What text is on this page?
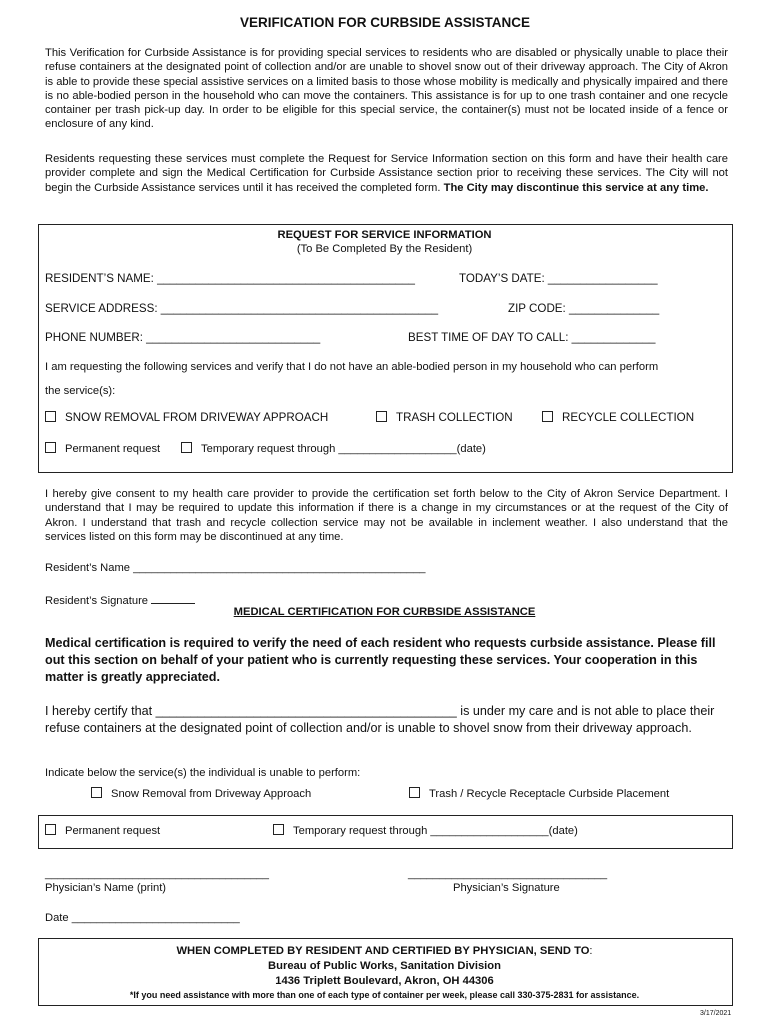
VERIFICATION FOR CURBSIDE ASSISTANCE
This Verification for Curbside Assistance is for providing special services to residents who are disabled or physically unable to place their refuse containers at the designated point of collection and/or are unable to shovel snow out of their driveway approach. The City of Akron is able to provide these special assistive services on a limited basis to those whose mobility is medically and physically impaired and there is no able-bodied person in the household who can move the containers. This assistance is for up to one trash container and one recycle container per trash pick-up day. In order to be eligible for this special service, the container(s) must not be located inside of a fence or enclosure of any kind.
Residents requesting these services must complete the Request for Service Information section on this form and have their health care provider complete and sign the Medical Certification for Curbside Assistance section prior to receiving these services. The City will not begin the Curbside Assistance services until it has received the completed form. The City may discontinue this service at any time.
REQUEST FOR SERVICE INFORMATION
(To Be Completed By the Resident)
RESIDENT’S NAME: ________________________________________	TODAY’S DATE: _________________
SERVICE ADDRESS: ___________________________________________	ZIP CODE: ______________
PHONE NUMBER: ___________________________	BEST TIME OF DAY TO CALL: _____________
I am requesting the following services and verify that I do not have an able-bodied person in my household who can perform
the service(s):
SNOW REMOVAL FROM DRIVEWAY APPROACH	TRASH COLLECTION	RECYCLE COLLECTION
Permanent request	Temporary request through ___________________(date)
I hereby give consent to my health care provider to provide the certification set forth below to the City of Akron Service Department. I understand that I may be required to update this information if there is a change in my circumstances or at the request of the City of Akron. I understand that trash and recycle collection service may not be available in inclement weather. I also understand that the services listed on this form may be discontinued at any time.
Resident’s Name _______________________________________________
Resident’s Signature
MEDICAL CERTIFICATION FOR CURBSIDE ASSISTANCE
Medical certification is required to verify the need of each resident who requests curbside assistance. Please fill out this section on behalf of your patient who is currently requesting these services. Your cooperation in this matter is greatly appreciated.
I hereby certify that ___________________________________________ is under my care and is not able to place their refuse containers at the designated point of collection and/or is unable to shovel snow from their driveway approach.
Indicate below the service(s) the individual is unable to perform:
Snow Removal from Driveway Approach	Trash / Recycle Receptacle Curbside Placement
Permanent request	Temporary request through ___________________(date)
____________________________________	________________________________
Physician’s Name (print)	Physician’s Signature
Date ___________________________
WHEN COMPLETED BY RESIDENT AND CERTIFIED BY PHYSICIAN, SEND TO:
Bureau of Public Works, Sanitation Division
1436 Triplett Boulevard, Akron, OH 44306
*If you need assistance with more than one of each type of container per week, please call 330-375-2831 for assistance.
3/17/2021
